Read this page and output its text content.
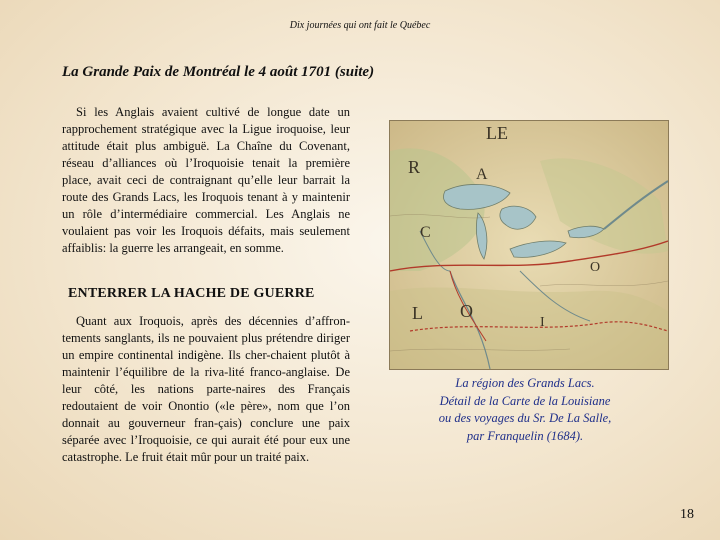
Dix journées qui ont fait le Québec
La Grande Paix de Montréal le 4 août 1701 (suite)

Si les Anglais avaient cultivé de longue date un rapprochement stratégique avec la Ligue iroquoise, leur attitude était plus ambiguë. La Chaîne du Covenant, réseau d’alliances où l’Iroquoisie tenait la première place, avait ceci de contraignant qu’elle leur barrait la route des Grands Lacs, les Iroquois tenant à y maintenir un rôle d’intermédiaire commercial. Les Anglais ne voulaient pas voir les Iroquois défaits, mais seulement affaiblis: la guerre les arrangeait, en somme.

ENTERRER LA HACHE DE GUERRE

Quant aux Iroquois, après des décennies d’affron-tements sanglants, ils ne pouvaient plus prétendre diriger un empire continental indigène. Ils cher-chaient plutôt à maintenir l’équilibre de la riva-lité franco-anglaise. De leur côté, les nations parte-naires des Français redoutaient de voir Onontio («le père», nom que l’on donnait au gouverneur fran-çais) conclure une paix séparée avec l’Iroquoisie, ce qui aurait été pour eux une catastrophe. Le fruit était mûr pour un traité paix.

LE
R	A
C
O
L O
I
La région des Grands Lacs.
Détail de la Carte de la Louisiane
ou des voyages du Sr. De La Salle,
par Franquelin (1684).
18
